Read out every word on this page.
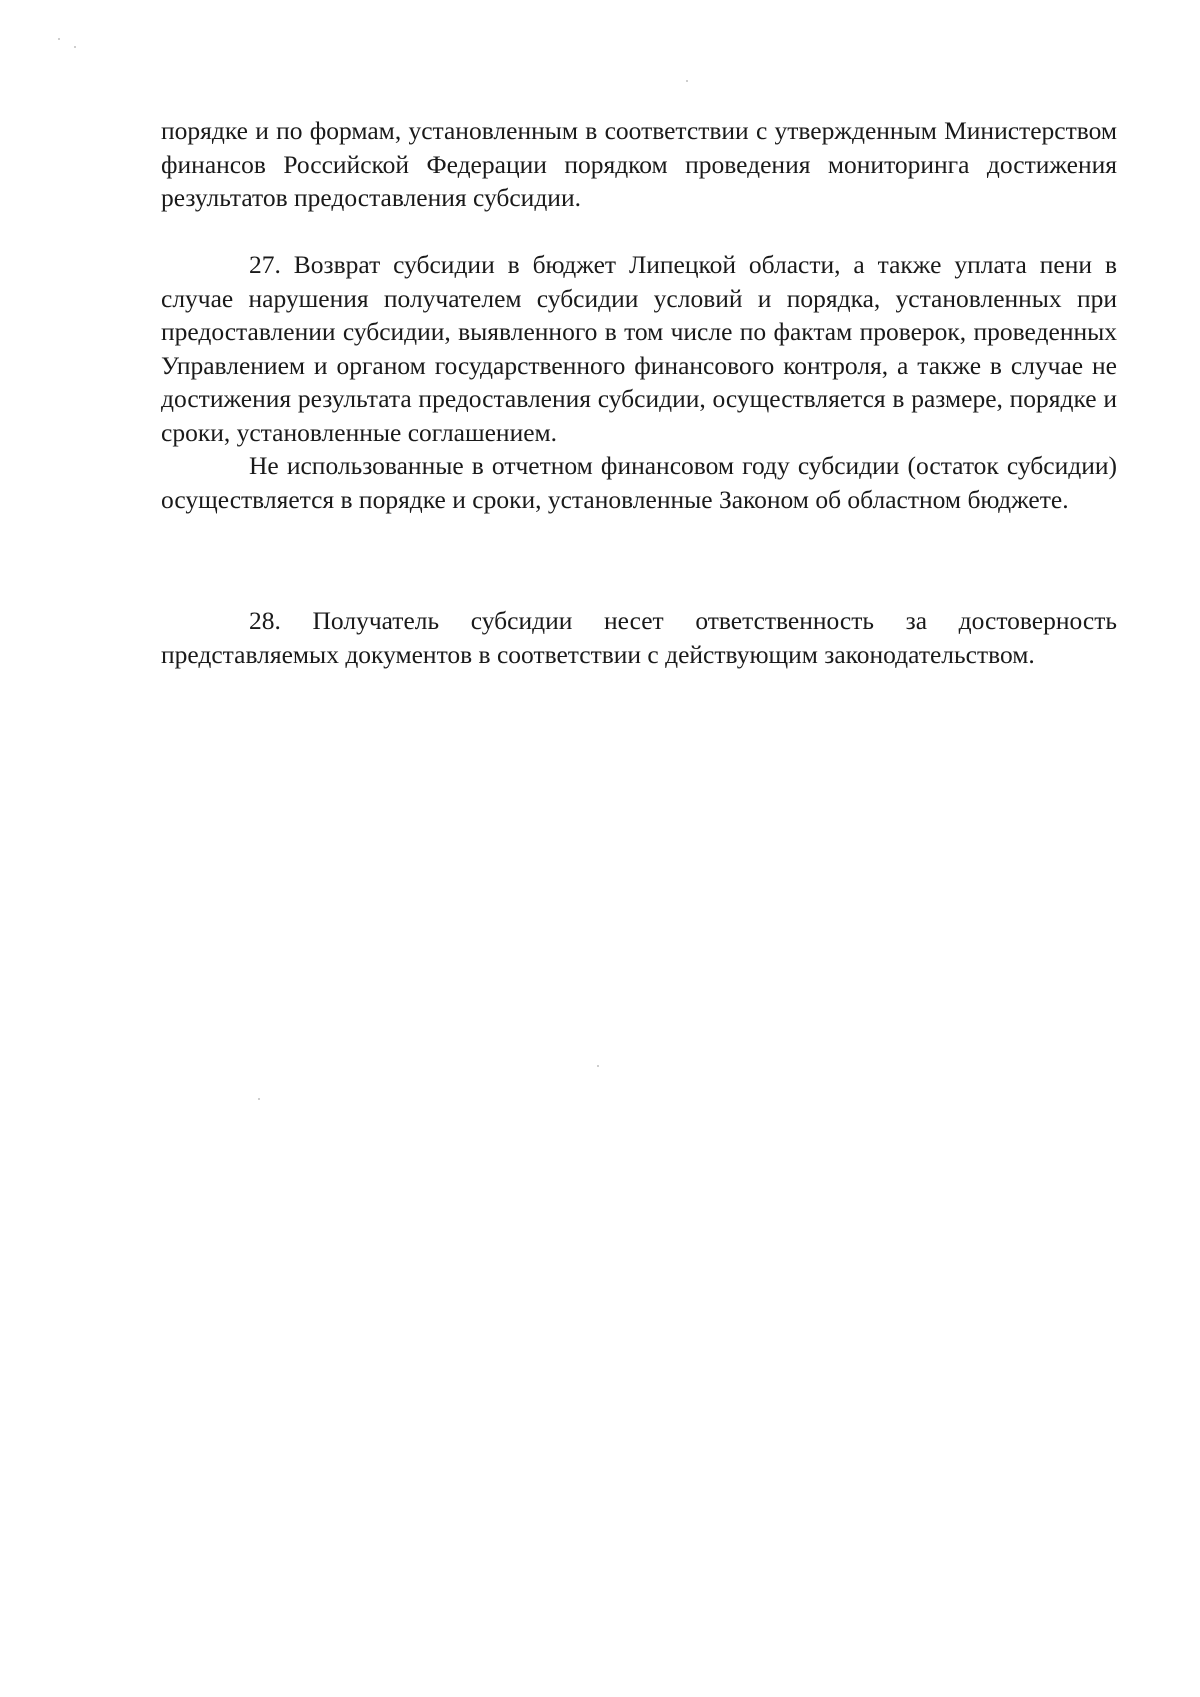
порядке и по формам, установленным в соответствии с утвержденным Министерством финансов Российской Федерации порядком проведения мониторинга достижения результатов предоставления субсидии.

27. Возврат субсидии в бюджет Липецкой области, а также уплата пени в случае нарушения получателем субсидии условий и порядка, установленных при предоставлении субсидии, выявленного в том числе по фактам проверок, проведенных Управлением и органом государственного финансового контроля, а также в случае не достижения результата предоставления субсидии, осуществляется в размере, порядке и сроки, установленные соглашением.

Не использованные в отчетном финансовом году субсидии (остаток субсидии) осуществляется в порядке и сроки, установленные Законом об областном бюджете.

28. Получатель субсидии несет ответственность за достоверность представляемых документов в соответствии с действующим законодательством.
